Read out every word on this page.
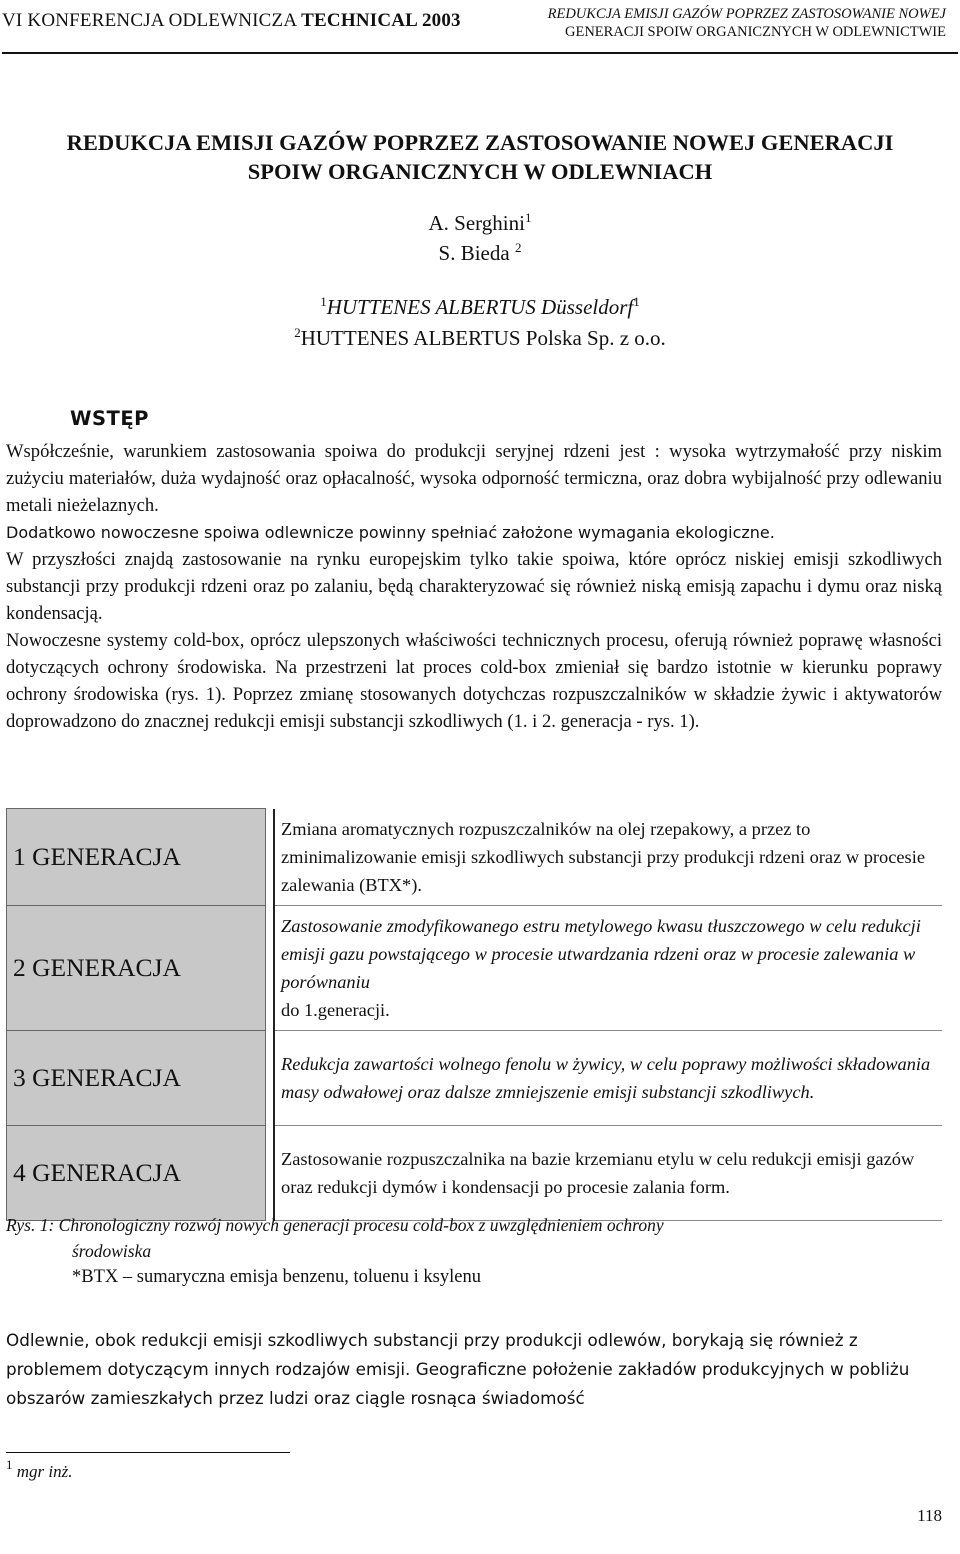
VI KONFERENCJA ODLEWNICZA TECHNICAL 2003	REDUKCJA EMISJI GAZÓW POPRZEZ ZASTOSOWANIE NOWEJ
GENERACJI SPOIW ORGANICZNYCH W ODLEWNICTWIE
REDUKCJA EMISJI GAZÓW POPRZEZ ZASTOSOWANIE NOWEJ GENERACJI
SPOIW ORGANICZNYCH W ODLEWNIACH
A. Serghini$^1$
S. Bieda $^2$
$^1$HUTTENES ALBERTUS Düsseldorf$^1$
$^2$HUTTENES ALBERTUS Polska Sp. z o.o.
WSTĘP

Współcześnie, warunkiem zastosowania spoiwa do produkcji seryjnej rdzeni jest : wysoka wytrzymałość przy niskim zużyciu materiałów, duża wydajność oraz opłacalność, wysoka odporność termiczna, oraz dobra wybijalność przy odlewaniu metali nieżelaznych.

Dodatkowo nowoczesne spoiwa odlewnicze powinny spełniać założone wymagania ekologiczne.

W przyszłości znajdą zastosowanie na rynku europejskim tylko takie spoiwa, które oprócz niskiej emisji szkodliwych substancji przy produkcji rdzeni oraz po zalaniu, będą charakteryzować się również niską emisją zapachu i dymu oraz niską kondensacją.

Nowoczesne systemy cold-box, oprócz ulepszonych właściwości technicznych procesu, oferują również poprawę własności dotyczących ochrony środowiska. Na przestrzeni lat proces cold-box zmieniał się bardzo istotnie w kierunku poprawy ochrony środowiska (rys. 1). Poprzez zmianę stosowanych dotychczas rozpuszczalników w składzie żywic i aktywatorów doprowadzono do znacznej redukcji emisji substancji szkodliwych (1. i 2. generacja - rys. 1).

1 GENERACJA		Zmiana aromatycznych rozpuszczalników na olej rzepakowy, a przez to zminimalizowanie emisji szkodliwych substancji przy produkcji rdzeni oraz w procesie zalewania (BTX*).
2 GENERACJA		Zastosowanie zmodyfikowanego estru metylowego kwasu tłuszczowego w celu redukcji emisji gazu powstającego w procesie utwardzania rdzeni oraz w procesie zalewania w porównaniu
do 1.generacji.
3 GENERACJA		Redukcja zawartości wolnego fenolu w żywicy, w celu poprawy możliwości składowania masy odwałowej oraz dalsze zmniejszenie emisji substancji szkodliwych.
4 GENERACJA		Zastosowanie rozpuszczalnika na bazie krzemianu etylu w celu redukcji emisji gazów oraz redukcji dymów i kondensacji po procesie zalania form.
Rys. 1: Chronologiczny rozwój nowych generacji procesu cold-box z uwzględnieniem ochrony
środowiska
*BTX – sumaryczna emisja benzenu, toluenu i ksylenu

Odlewnie, obok redukcji emisji szkodliwych substancji przy produkcji odlewów, borykają się również z problemem dotyczącym innych rodzajów emisji. Geograficzne położenie zakładów produkcyjnych w pobliżu obszarów zamieszkałych przez ludzi oraz ciągle rosnąca świadomość

$^1$ mgr inż.
118
